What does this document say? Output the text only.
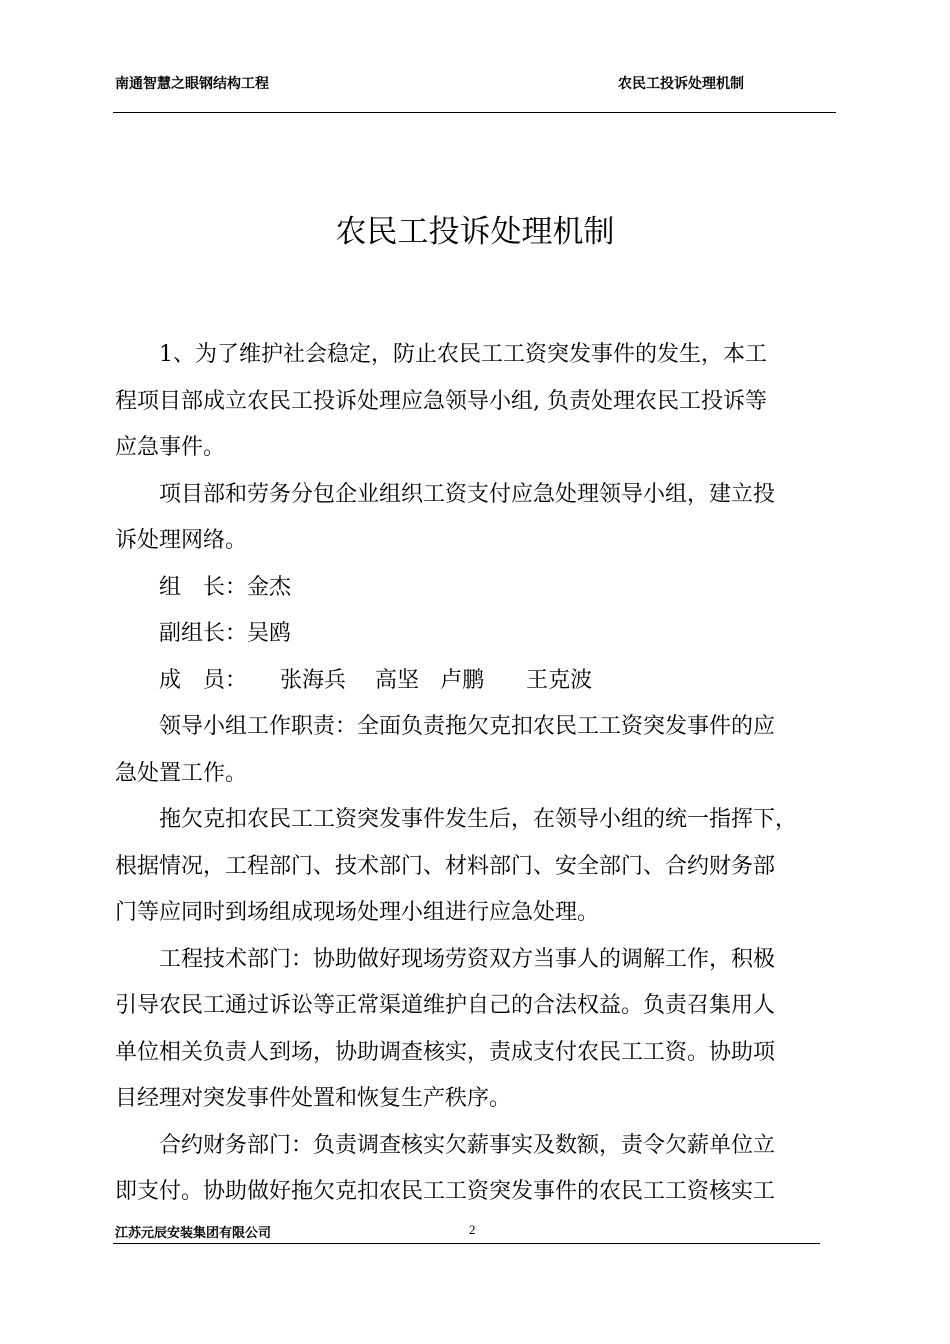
南通智慧之眼钢结构工程	农民工投诉处理机制
农民工投诉处理机制

1、为了维护社会稳定，防止农民工工资突发事件的发生，本工
程项目部成立农民工投诉处理应急领导小组, 负责处理农民工投诉等
应急事件。

项目部和劳务分包企业组织工资支付应急处理领导小组，建立投
诉处理网络。

组 长：金杰

副组长：吴鸥

成 员： 张海兵 高坚 卢鹏 王克波

领导小组工作职责：全面负责拖欠克扣农民工工资突发事件的应
急处置工作。

拖欠克扣农民工工资突发事件发生后，在领导小组的统一指挥下，
根据情况，工程部门、技术部门、材料部门、安全部门、合约财务部
门等应同时到场组成现场处理小组进行应急处理。

工程技术部门：协助做好现场劳资双方当事人的调解工作，积极
引导农民工通过诉讼等正常渠道维护自己的合法权益。负责召集用人
单位相关负责人到场，协助调查核实，责成支付农民工工资。协助项
目经理对突发事件处置和恢复生产秩序。

合约财务部门：负责调查核实欠薪事实及数额，责令欠薪单位立
即支付。协助做好拖欠克扣农民工工资突发事件的农民工工资核实工

江苏元辰安装集团有限公司	2
